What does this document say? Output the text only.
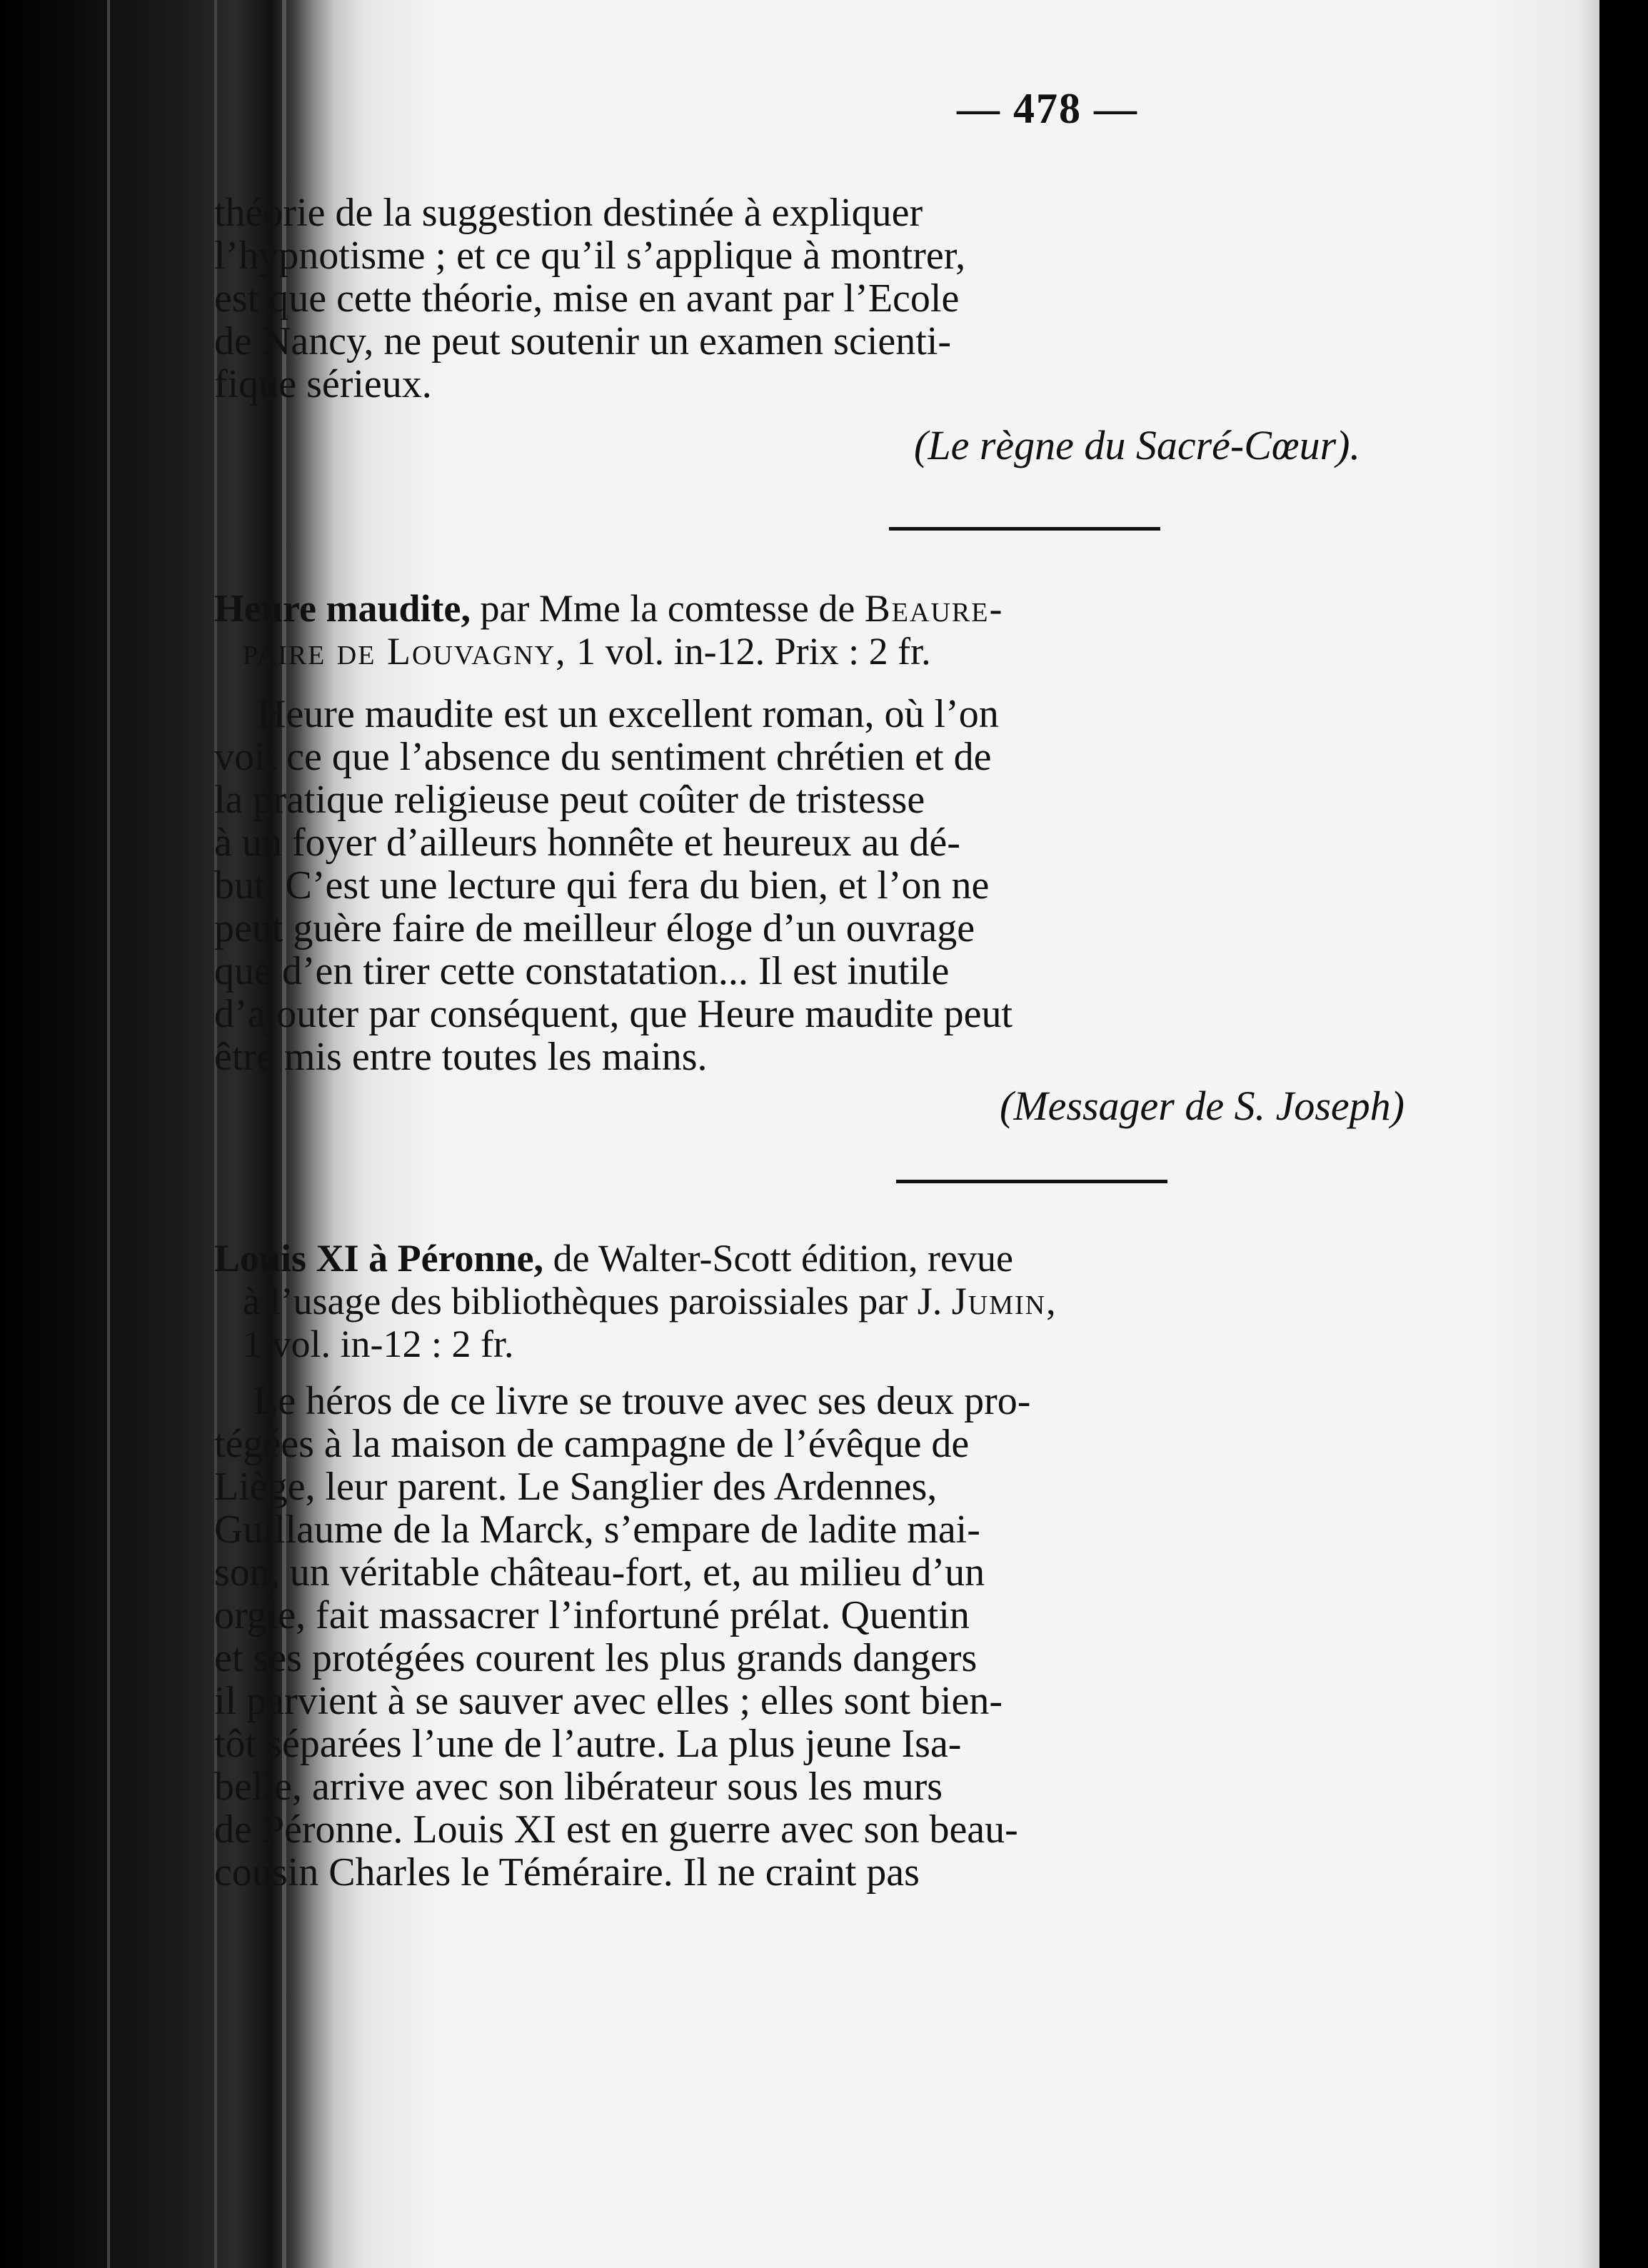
— 478 —
théorie de la suggestion destinée à expliquer
l’hypnotisme ; et ce qu’il s’applique à montrer,
est que cette théorie, mise en avant par l’Ecole
de Nancy, ne peut soutenir un examen scienti-
fique sérieux.
(Le règne du Sacré-Cœur).
Heure maudite, par Mme la comtesse de Beaure-
paire de Louvagny, 1 vol. in-12. Prix : 2 fr.
Heure maudite est un excellent roman, où l’on
voit ce que l’absence du sentiment chrétien et de
la pratique religieuse peut coûter de tristesse
à un foyer d’ailleurs honnête et heureux au dé-
but. C’est une lecture qui fera du bien, et l’on ne
peut guère faire de meilleur éloge d’un ouvrage
que d’en tirer cette constatation... Il est inutile
d’ajouter par conséquent, que Heure maudite peut
être mis entre toutes les mains.
(Messager de S. Joseph)
Louis XI à Péronne, de Walter-Scott édition, revue
à l’usage des bibliothèques paroissiales par J. Jumin,
1 vol. in-12 : 2 fr.
Le héros de ce livre se trouve avec ses deux pro-
tégées à la maison de campagne de l’évêque de
Liège, leur parent. Le Sanglier des Ardennes,
Guillaume de la Marck, s’empare de ladite mai-
son, un véritable château-fort, et, au milieu d’un
orgie, fait massacrer l’infortuné prélat. Quentin
et ses protégées courent les plus grands dangers
il parvient à se sauver avec elles ; elles sont bien-
tôt séparées l’une de l’autre. La plus jeune Isa-
belle, arrive avec son libérateur sous les murs
de Péronne. Louis XI est en guerre avec son beau-
cousin Charles le Téméraire. Il ne craint pas
